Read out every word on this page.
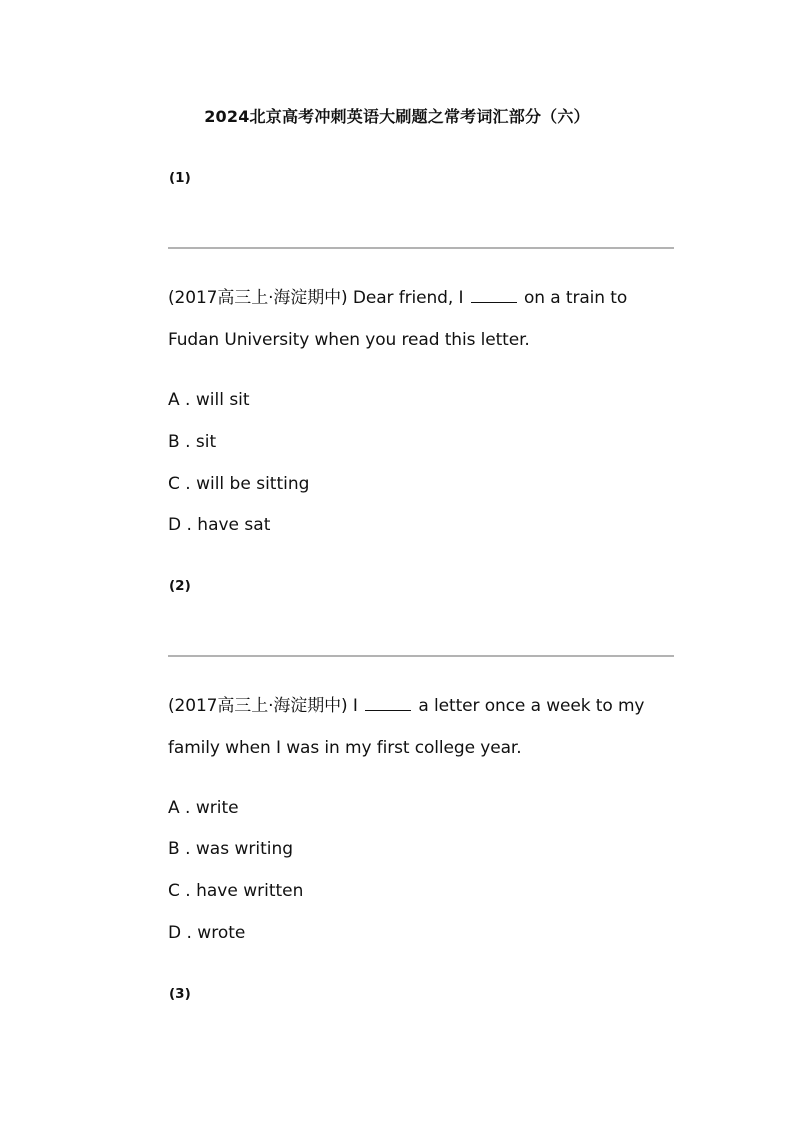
2024北京高考冲刺英语大刷题之常考词汇部分（六）
(1)
(2017高三上·海淀期中) Dear friend, I	on a train to Fudan University when you read this letter.
A . will sit
B . sit
C . will be sitting
D . have sat
(2)
(2017高三上·海淀期中) I	a letter once a week to my family when I was in my first college year.
A . write
B . was writing
C . have written
D . wrote
(3)
